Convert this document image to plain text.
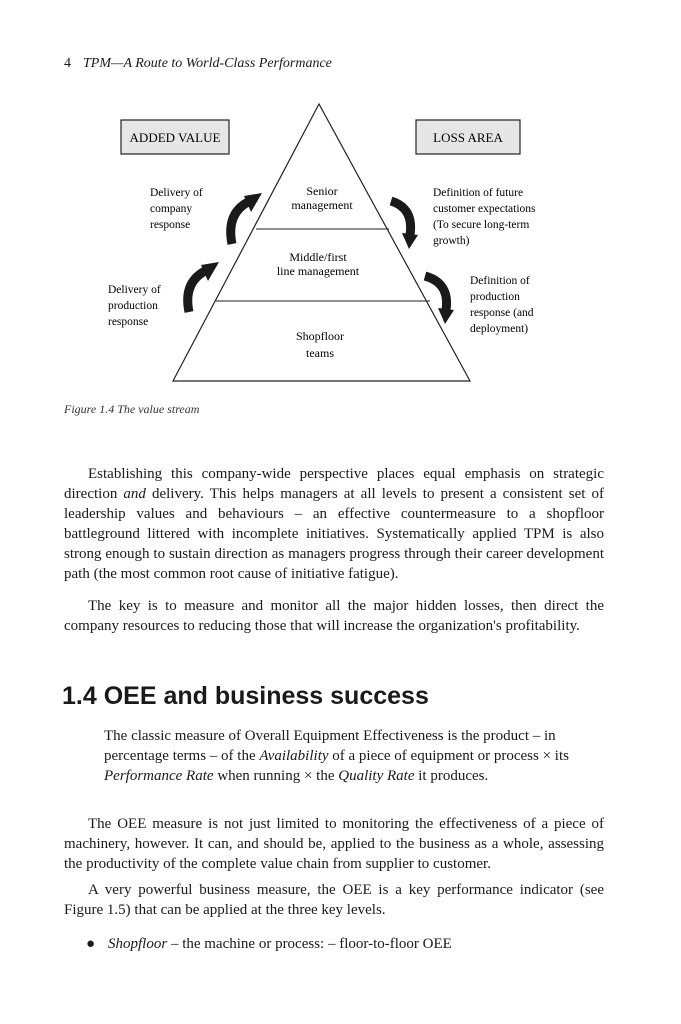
4 TPM—A Route to World-Class Performance
ADDED VALUE	LOSS AREA
Senior
management
Middle/first
line management
Shopfloor
teams
Delivery of
company
response
Delivery of
production
response
Definition of future
customer expectations
(To secure long-term
growth)
Definition of
production
response (and
deployment)
Figure 1.4 The value stream

Establishing this company-wide perspective places equal emphasis on strategic direction and delivery. This helps managers at all levels to present a consistent set of leadership values and behaviours – an effective countermeasure to a shopfloor battleground littered with incomplete initiatives. Systematically applied TPM is also strong enough to sustain direction as managers progress through their career development path (the most common root cause of initiative fatigue).

The key is to measure and monitor all the major hidden losses, then direct the company resources to reducing those that will increase the organization's profitability.

1.4 OEE and business success

The classic measure of Overall Equipment Effectiveness is the product – in percentage terms – of the Availability of a piece of equipment or process × its Performance Rate when running × the Quality Rate it produces.

The OEE measure is not just limited to monitoring the effectiveness of a piece of machinery, however. It can, and should be, applied to the business as a whole, assessing the productivity of the complete value chain from supplier to customer.

A very powerful business measure, the OEE is a key performance indicator (see Figure 1.5) that can be applied at the three key levels.

● Shopfloor – the machine or process: – floor-to-floor OEE
